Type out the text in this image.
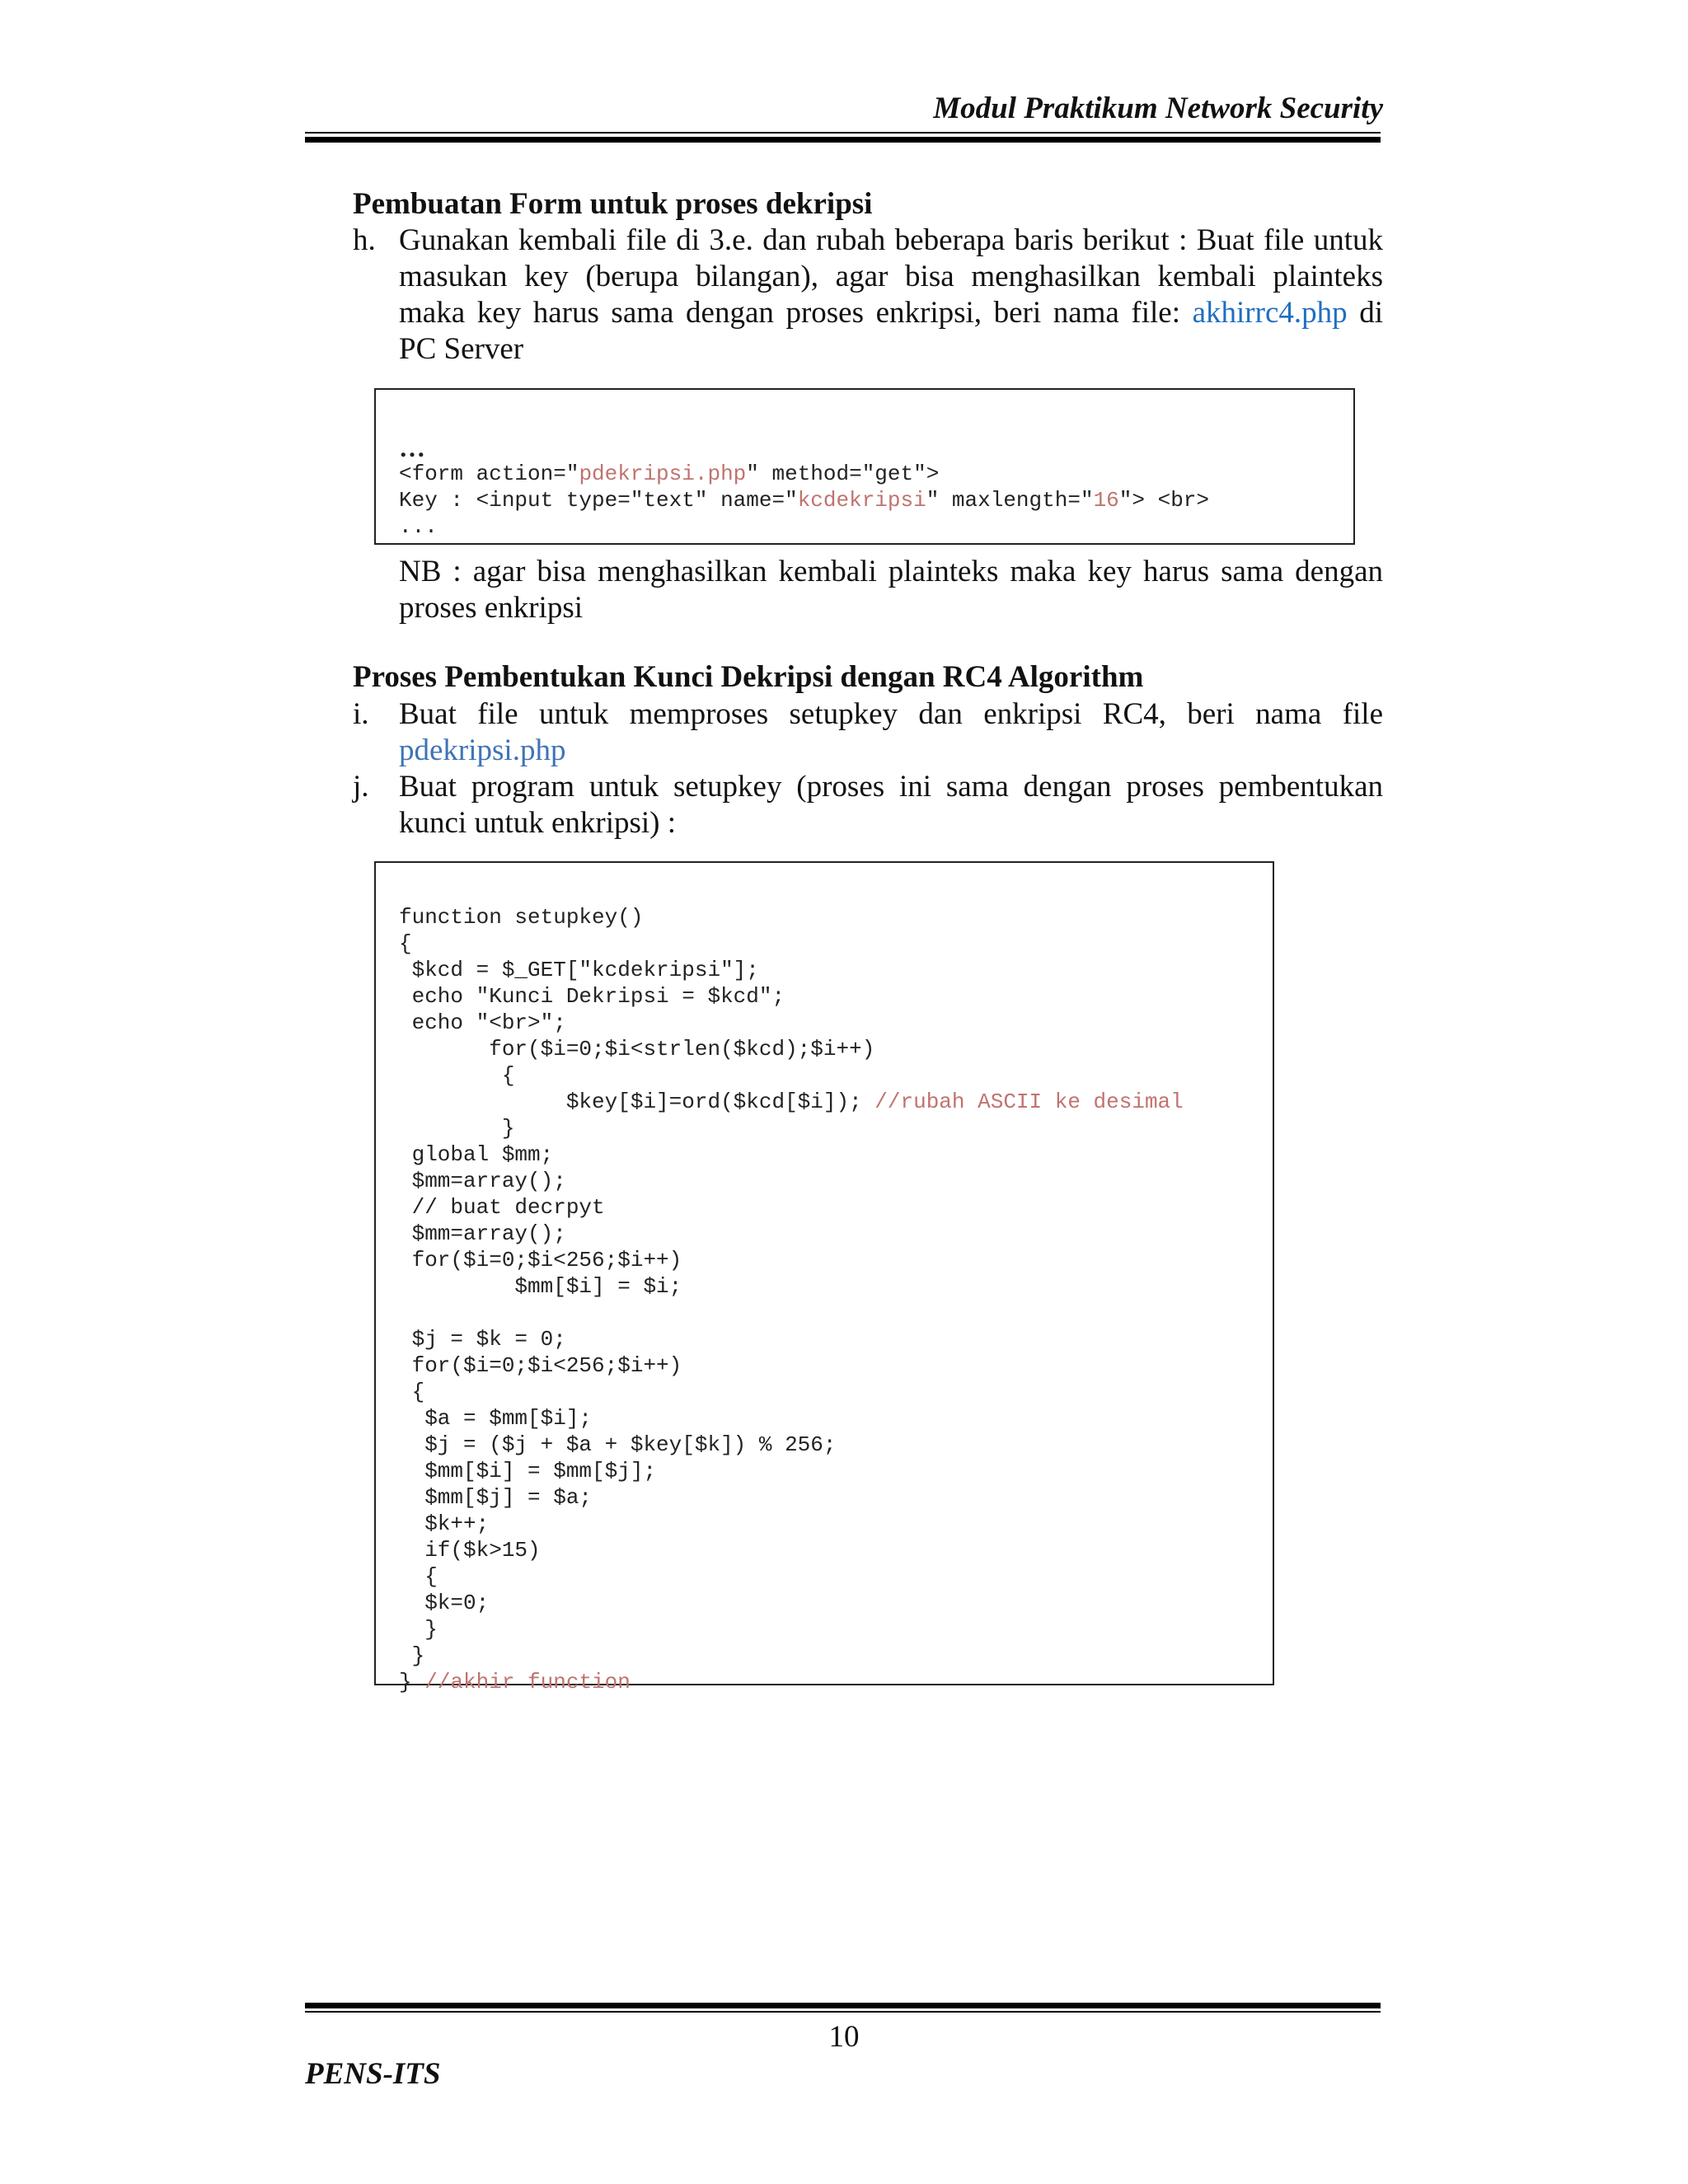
Modul Praktikum Network Security
Pembuatan Form untuk proses dekripsi
h. Gunakan kembali file di 3.e. dan rubah beberapa baris berikut : Buat file untuk
masukan key (berupa bilangan), agar bisa menghasilkan kembali plainteks
maka key harus sama dengan proses enkripsi, beri nama file: akhirrc4.php di
PC Server

…
<form action="pdekripsi.php" method="get">
Key : <input type="text" name="kcdekripsi" maxlength="16"> <br>
...
NB : agar bisa menghasilkan kembali plainteks maka key harus sama dengan
proses enkripsi
Proses Pembentukan Kunci Dekripsi dengan RC4 Algorithm
i. Buat file untuk memproses setupkey dan enkripsi RC4, beri nama file
pdekripsi.php
j. Buat program untuk setupkey (proses ini sama dengan proses pembentukan
kunci untuk enkripsi) :

function setupkey()
{
$kcd = $_GET["kcdekripsi"];
echo "Kunci Dekripsi = $kcd";
echo "<br>";
for($i=0;$i<strlen($kcd);$i++)
{
$key[$i]=ord($kcd[$i]); //rubah ASCII ke desimal
}
global $mm;
$mm=array();
// buat decrpyt
$mm=array();
for($i=0;$i<256;$i++)
$mm[$i] = $i;
$j = $k = 0;
for($i=0;$i<256;$i++)
{
$a = $mm[$i];
$j = ($j + $a + $key[$k]) % 256;
$mm[$i] = $mm[$j];
$mm[$j] = $a;
$k++;
if($k>15)
{
$k=0;
}
}
} //akhir function
10
PENS-ITS
